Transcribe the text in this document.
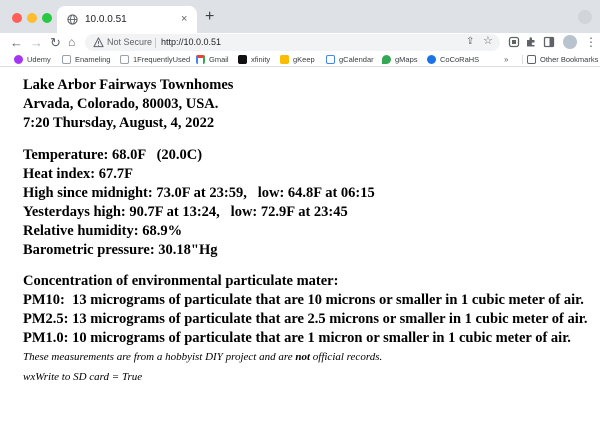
10.0.0.51	× +
← → ↻ ⌂	Not Secure http://10.0.0.51	⇪ ☆	⋮
Udemy	Enameling	1FrequentlyUsed	Gmail	xfinity	gKeep	gCalendar	gMaps	CoCoRaHS	»	Other Bookmarks
Lake Arbor Fairways Townhomes
Arvada, Colorado, 80003, USA.
7:20 Thursday, August, 4, 2022
Temperature: 68.0F   (20.0C)
Heat index: 67.7F
High since midnight: 73.0F at 23:59,   low: 64.8F at 06:15
Yesterdays high: 90.7F at 13:24,   low: 72.9F at 23:45
Relative humidity: 68.9%
Barometric pressure: 30.18"Hg
Concentration of environmental particulate mater:
PM10:  13 micrograms of particulate that are 10 microns or smaller in 1 cubic meter of air.
PM2.5: 13 micrograms of particulate that are 2.5 microns or smaller in 1 cubic meter of air.
PM1.0: 10 micrograms of particulate that are 1 micron or smaller in 1 cubic meter of air.
These measurements are from a hobbyist DIY project and are not official records.
wxWrite to SD card = True
